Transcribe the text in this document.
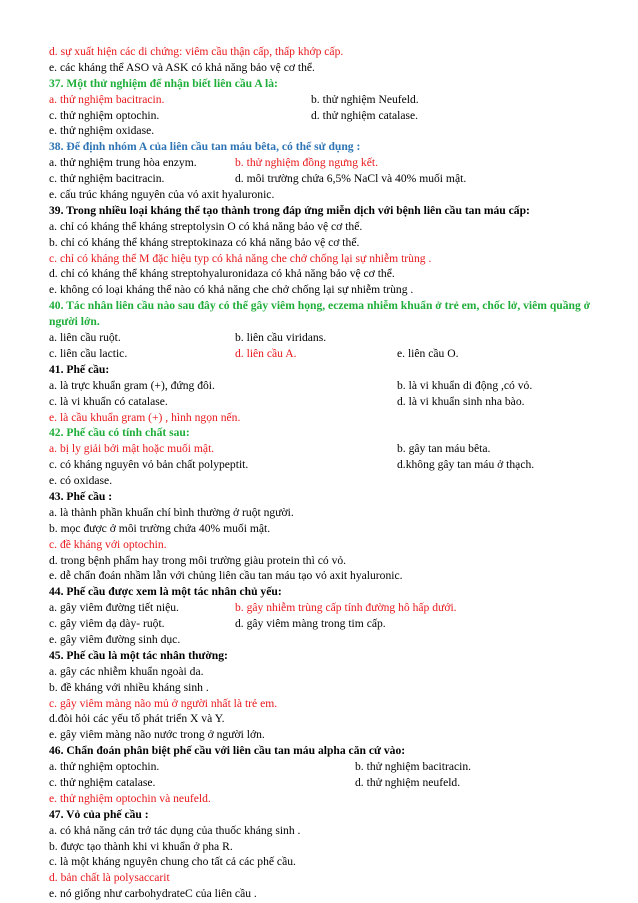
d. sự xuất hiện các di chứng: viêm cầu thận cấp, thấp khớp cấp.
e. các kháng thể ASO và ASK có khả năng bảo vệ cơ thể.
37. Một thử nghiệm để nhận biết liên cầu A là:
a. thử nghiệm bacitracin.	b. thử nghiệm Neufeld.
c. thử nghiệm optochin.	d. thử nghiệm catalase.
e. thử nghiệm oxidase.
38. Để định nhóm A của liên cầu tan máu bêta, có thể sử dụng :
a. thử nghiệm trung hòa enzym.	b. thử nghiệm đồng ngưng kết.
c. thử nghiệm bacitracin.	d. môi trường chứa 6,5% NaCl và 40% muối mật.
e. cấu trúc kháng nguyên của vỏ axit hyaluronic.
39. Trong nhiều loại kháng thể tạo thành trong đáp ứng miễn dịch với bệnh liên cầu tan máu cấp:
a. chỉ có kháng thể kháng streptolysin O có khả năng bảo vệ cơ thể.
b. chỉ có kháng thể kháng streptokinaza có khả năng bảo vệ cơ thể.
c. chỉ có kháng thể M đặc hiệu typ có khả năng che chở chống lại sự nhiễm trùng .
d. chỉ có kháng thể kháng streptohyaluronidaza có khả năng bảo vệ cơ thể.
e. không có loại kháng thể nào có khả năng che chở chống lại sự nhiễm trùng .
40. Tác nhân liên cầu nào sau đây có thể gây viêm họng, eczema nhiễm khuẩn ở trẻ em, chốc lở, viêm quầng ở người lớn.
a. liên cầu ruột.	b. liên cầu viridans.
c. liên cầu lactic.	d. liên cầu A.	e. liên cầu O.
41. Phế cầu:
a. là trực khuẩn gram (+), đứng đôi.	b. là vi khuẩn di động ,có vỏ.
c. là vi khuẩn có catalase.	d. là vi khuẩn sinh nha bào.
e. là cầu khuẩn gram (+) , hình ngọn nến.
42. Phế cầu có tính chất sau:
a. bị ly giải bởi mật hoặc muối mật.	b. gây tan máu bêta.
c. có kháng nguyên vỏ bản chất polypeptit.	d.không gây tan máu ở thạch.
e. có oxidase.
43. Phế cầu :
a. là thành phần khuẩn chí bình thường ở ruột người.
b. mọc được ở môi trường chứa 40% muối mật.
c. đề kháng với optochin.
d. trong bệnh phẩm hay trong môi trường giàu protein thì có vỏ.
e. dễ chẩn đoán nhầm lẫn với chủng liên cầu tan máu tạo vỏ axit hyaluronic.
44. Phế cầu được xem là một tác nhân chủ yếu:
a. gây viêm đường tiết niệu.	b. gây nhiễm trùng cấp tính đường hô hấp dưới.
c. gây viêm dạ dày- ruột.	d. gây viêm màng trong tim cấp.
e. gây viêm đường sinh dục.
45. Phế cầu là một tác nhân thường:
a. gây các nhiễm khuẩn ngoài da.
b. đề kháng với nhiều kháng sinh .
c. gây viêm màng não mủ ở người nhất là trẻ em.
d.đòi hỏi các yếu tố phát triển X và Y.
e. gây viêm màng não nước trong ở người lớn.
46. Chẩn đoán phân biệt phế cầu với liên cầu tan máu alpha căn cứ vào:
a. thử nghiệm optochin.	b. thử nghiệm bacitracin.
c. thử nghiệm catalase.	d. thử nghiệm neufeld.
e. thử nghiệm optochin và neufeld.
47. Vỏ của phế cầu :
a. có khả năng cản trở tác dụng của thuốc kháng sinh .
b. được tạo thành khi vi khuẩn ở pha R.
c. là một kháng nguyên chung cho tất cả các phế cầu.
d. bản chất là polysaccarit
e. nó giống như carbohydrateC của liên cầu .
